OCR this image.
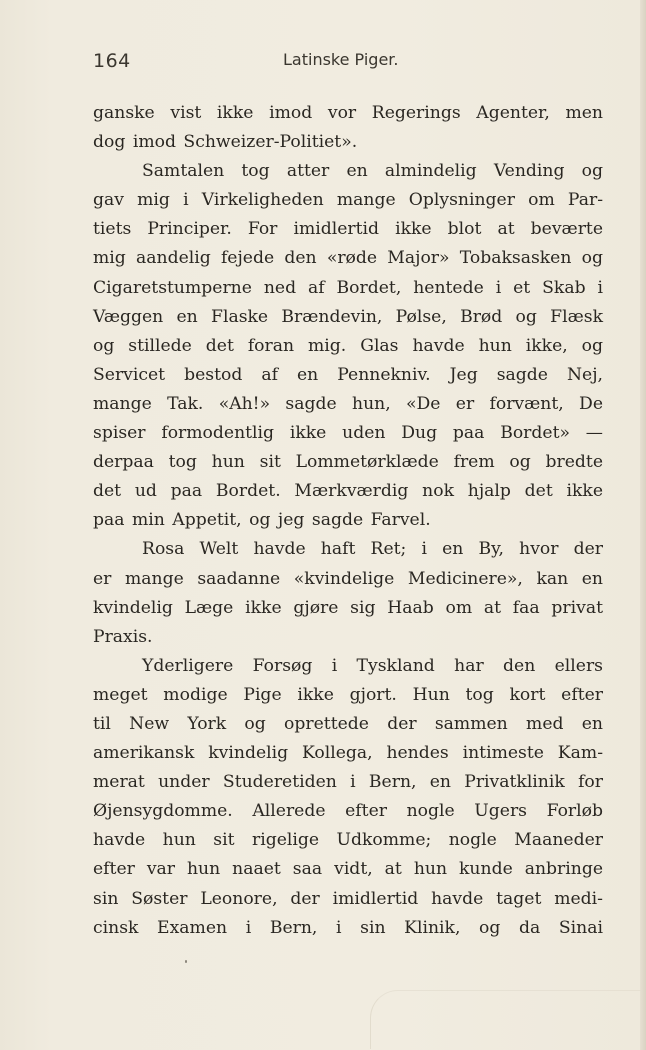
164	Latinske Piger.
ganske vist ikke imod vor Regerings Agenter, men
dog imod Schweizer-Politiet».
Samtalen tog atter en almindelig Vending og
gav mig i Virkeligheden mange Oplysninger om Par-
tiets Principer. For imidlertid ikke blot at beværte
mig aandelig fejede den «røde Major» Tobaksasken og
Cigaretstumperne ned af Bordet, hentede i et Skab i
Væggen en Flaske Brændevin, Pølse, Brød og Flæsk
og stillede det foran mig. Glas havde hun ikke, og
Servicet bestod af en Pennekniv. Jeg sagde Nej,
mange Tak. «Ah!» sagde hun, «De er forvænt, De
spiser formodentlig ikke uden Dug paa Bordet» —
derpaa tog hun sit Lommetørklæde frem og bredte
det ud paa Bordet. Mærkværdig nok hjalp det ikke
paa min Appetit, og jeg sagde Farvel.
Rosa Welt havde haft Ret; i en By, hvor der
er mange saadanne «kvindelige Medicinere», kan en
kvindelig Læge ikke gjøre sig Haab om at faa privat
Praxis.
Yderligere Forsøg i Tyskland har den ellers
meget modige Pige ikke gjort. Hun tog kort efter
til New York og oprettede der sammen med en
amerikansk kvindelig Kollega, hendes intimeste Kam-
merat under Studeretiden i Bern, en Privatklinik for
Øjensygdomme. Allerede efter nogle Ugers Forløb
havde hun sit rigelige Udkomme; nogle Maaneder
efter var hun naaet saa vidt, at hun kunde anbringe
sin Søster Leonore, der imidlertid havde taget medi-
cinsk Examen i Bern, i sin Klinik, og da Sinai
